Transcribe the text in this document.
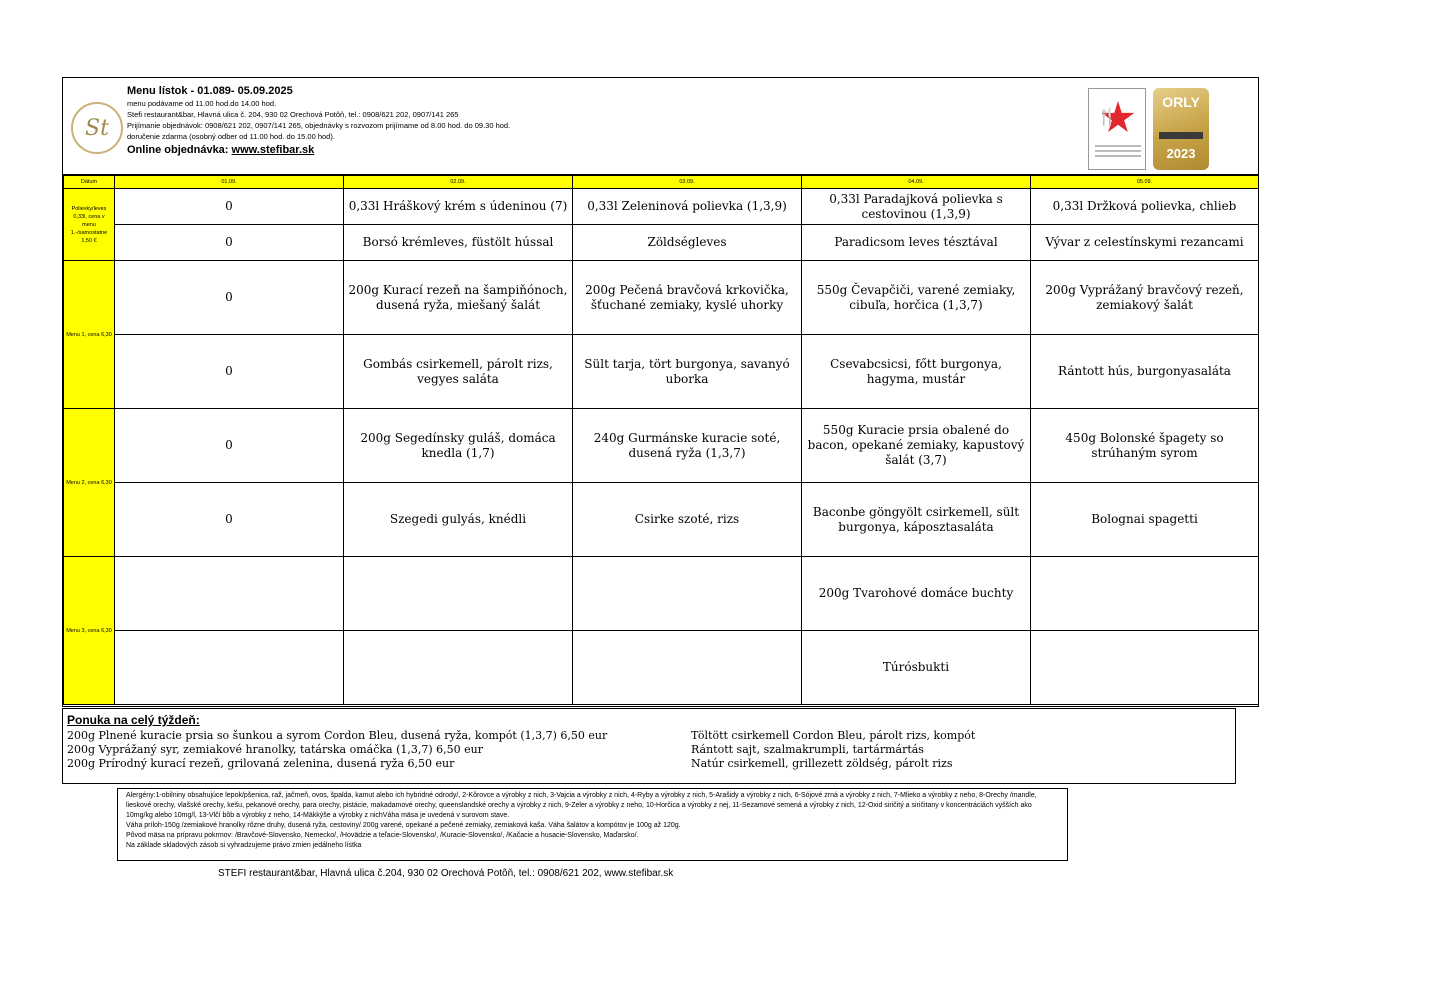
St
Menu lístok - 01.089- 05.09.2025
menu podávame od 11.00 hod.do 14.00 hod.
Stefi restaurant&bar, Hlavná ulica č. 204, 930 02 Orechová Potôň, tel.: 0908/621 202, 0907/141 265
Prijímanie objednávok: 0908/621 202, 0907/141 265, objednávky s rozvozom prijímame od 8.00 hod. do 09.30 hod.
doručenie zdarma (osobný odber od 11.00 hod. do 15.00 hod).
Online objednávka: www.stefibar.sk
🍴
ORLY
2023
Dátum	01.09.	02.09.	03.09.	04.09.	05.09.
Polievky/leves 0,33l, cena v menu 1.-/samostatne 1,50 €	0	0,33l Hráškový krém s údeninou (7)	0,33l Zeleninová polievka (1,3,9)	0,33l Paradajková polievka s cestovinou (1,3,9)	0,33l Držková polievka, chlieb
	0	Borsó krémleves, füstölt hússal	Zöldségleves	Paradicsom leves tésztával	Vývar z celestínskymi rezancami
Menu 1, cena 6,30	0	200g Kurací rezeň na šampiňónoch, dusená ryža, miešaný šalát	200g Pečená bravčová krkovička, šťuchané zemiaky, kyslé uhorky	550g Čevapčiči, varené zemiaky, cibuľa, horčica (1,3,7)	200g Vyprážaný bravčový rezeň, zemiakový šalát
	0	Gombás csirkemell, párolt rizs, vegyes saláta	Sült tarja, tört burgonya, savanyó uborka	Csevabcsicsi, főtt burgonya, hagyma, mustár	Rántott hús, burgonyasaláta
Menu 2, cena 6,30	0	200g Segedínsky guláš, domáca knedla (1,7)	240g Gurmánske kuracie soté, dusená ryža (1,3,7)	550g Kuracie prsia obalené do bacon, opekané zemiaky, kapustový šalát (3,7)	450g Bolonské špagety so strúhaným syrom
	0	Szegedi gulyás, knédli	Csirke szoté, rizs	Baconbe göngyölt csirkemell, sült burgonya, káposztasaláta	Bolognai spagetti
Menu 3, cena 6,30				200g Tvarohové domáce buchty	
				Túrósbukti	
Ponuka na celý týždeň:
200g Plnené kuracie prsia so šunkou a syrom Cordon Bleu, dusená ryža, kompót (1,3,7) 6,50 eur
200g Vyprážaný syr, zemiakové hranolky, tatárska omáčka (1,3,7) 6,50 eur
200g Prírodný kurací rezeň, grilovaná zelenina, dusená ryža 6,50 eur
Töltött csirkemell Cordon Bleu, párolt rizs, kompót
Rántott sajt, szalmakrumpli, tartármártás
Natúr csirkemell, grillezett zöldség, párolt rizs

Alergény:1-obilniny obsahujúce lepok/pšenica, raž, jačmeň, ovos, špalda, kamut alebo ich hybridné odrody/, 2-Kôrovce a výrobky z nich, 3-Vajcia a výrobky z nich, 4-Ryby a výrobky z nich, 5-Arašidy a výrobky z nich, 6-Sójové zrná a výrobky z nich, 7-Mlieko a výrobky z neho, 8-Orechy /mandle, lieskové orechy, vlašské orechy, kešu, pekanové orechy, para orechy, pistácie, makadamové orechy, queenslandské orechy a výrobky z nich, 9-Zeler a výrobky z neho, 10-Horčica a výrobky z nej, 11-Sezamové semená a výrobky z nich, 12-Oxid siričitý a siričitany v koncentráciách vyšších ako 10mg/kg alebo 10mg/l, 13-Vlčí bôb a výrobky z neho, 14-Mäkkýše a výrobky z nichVáha mäsa je uvedená v surovom stave.

Váha príloh-150g /zemiakové hranolky rôzne druhy, dusená ryža, cestoviny/ 200g varené, opekané a pečené zemiaky, zemiaková kaša. Váha šalátov a kompótov je 100g až 120g.

Pôvod mäsa na prípravu pokrmov: /Bravčové-Slovensko, Nemecko/, /Hovädzie a teľacie-Slovensko/, /Kuracie-Slovensko/, /Kačacie a husacie-Slovensko, Maďarsko/.

Na základe skladových zásob si vyhradzujeme právo zmien jedálneho lístka

STEFI restaurant&bar, Hlavná ulica č.204, 930 02 Orechová Potôň, tel.: 0908/621 202, www.stefibar.sk
